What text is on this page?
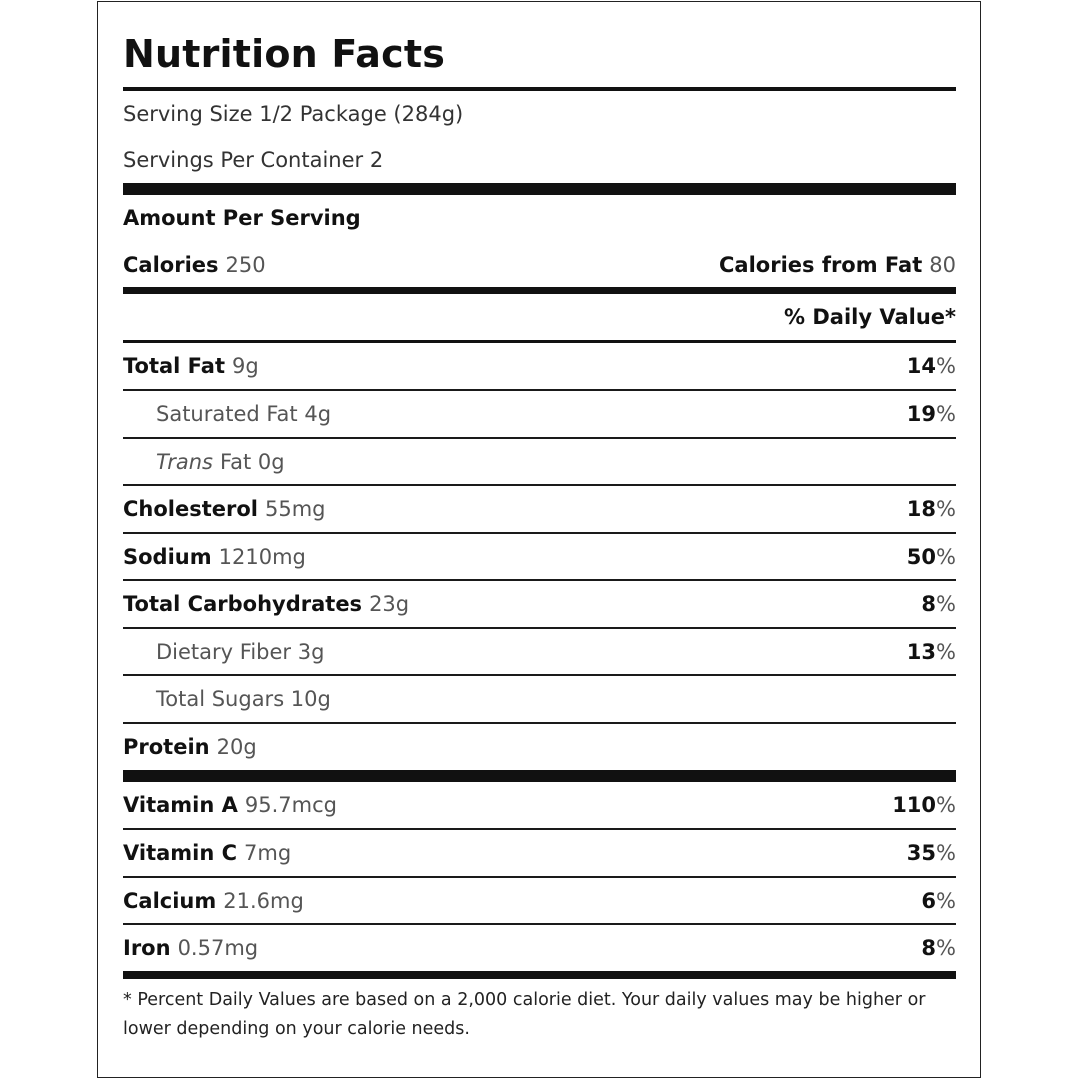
Nutrition Facts
Serving Size 1/2 Package (284g)
Servings Per Container 2
Amount Per Serving
Calories 250	Calories from Fat 80
% Daily Value*
Total Fat 9g	14 %
Saturated Fat 4g	19 %
Trans Fat 0g
Cholesterol 55mg	18 %
Sodium 1210mg	50 %
Total Carbohydrates 23g	8 %
Dietary Fiber 3g	13 %
Total Sugars 10g
Protein 20g
Vitamin A 95.7mcg	110 %
Vitamin C 7mg	35 %
Calcium 21.6mg	6 %
Iron 0.57mg	8 %
* Percent Daily Values are based on a 2,000 calorie diet. Your daily values may be higher or lower depending on your calorie needs.
